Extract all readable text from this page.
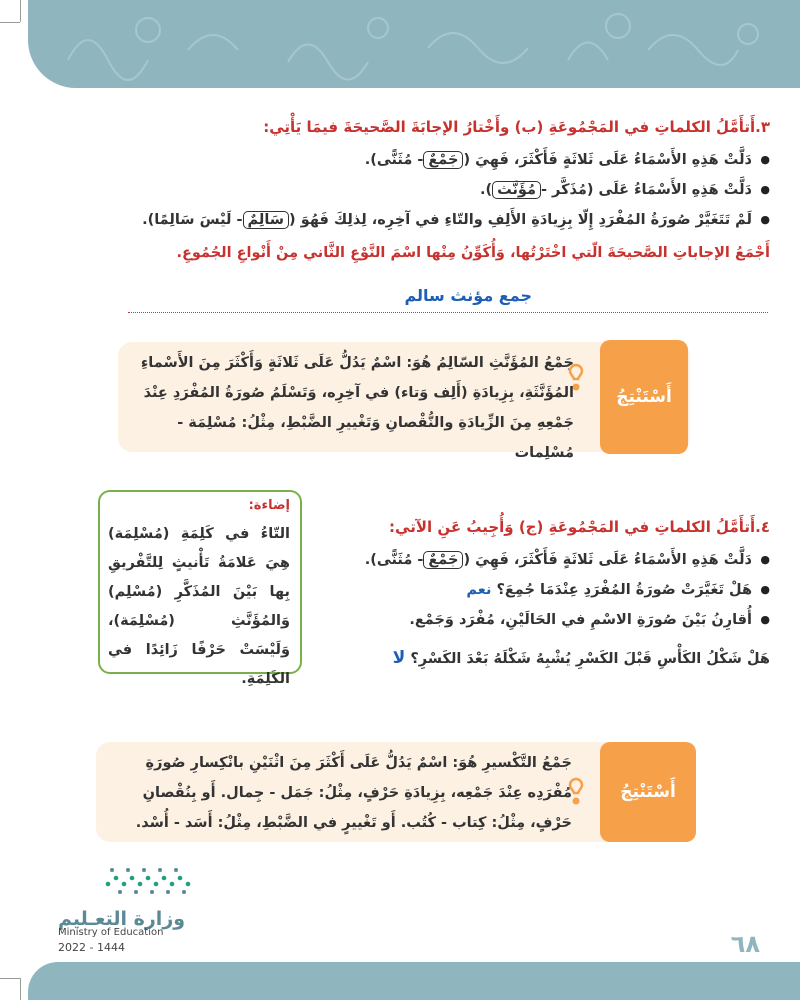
٣.أَتأَمَّلُ الكلماتِ في المَجْمُوعَةِ (ب) وأَخْتارُ الإجابَةَ الصَّحيحَةَ فيمَا يَأْتِي:
● دَلَّتْ هَذِهِ الأَسْمَاءُ عَلَى ثَلاثَةٍ فَأَكْثَرَ، فَهِيَ (جَمْعٌ- مُثَنًّى).
● دَلَّتْ هَذِهِ الأَسْمَاءُ عَلَى (مُذَكَّر -مُؤَنَّث).
● لَمْ تَتَغَيَّرْ صُورَةُ المُفْرَدِ إِلّا بِزِيادَةِ الأَلِفِ والتّاءِ في آخِرِه، لِذلِكَ فَهُوَ (سَالِمٌ- لَيْسَ سَالِمًا).
أَجْمَعُ الإجاباتِ الصَّحيحَةَ الّتي اخْتَرْتُها، وَأُكَوِّنُ مِنْها اسْمَ النَّوْعِ الثَّاني مِنْ أَنْواعِ الجُمُوعِ.
جمع مؤنث سالم
أَسْتَنْتِجُ
جَمْعُ المُؤَنَّثِ السّالِمُ هُوَ: اسْمٌ يَدُلُّ عَلَى ثَلاثَةٍ وَأَكْثَرَ مِنَ الأَسْماءِ المُؤَنَّثَةِ، بِزِيادَةِ (أَلِف وَتاء) في آخِرِه، وَتَسْلَمُ صُورَةُ المُفْرَدِ عِنْدَ جَمْعِهِ مِنَ الزِّيادَةِ والنُّقْصانِ وَتَغْييرِ الضَّبْطِ، مِثْلُ: مُسْلِمَة - مُسْلِمات
إضاءة:
التّاءُ في كَلِمَةِ (مُسْلِمَة) هِيَ عَلامَةُ تَأْنيثٍ لِلتَّفْريقِ بِها بَيْنَ المُذَكَّرِ (مُسْلِم) وَالمُؤَنَّثِ (مُسْلِمَة)، وَلَيْسَتْ حَرْفًا زَائِدًا في الكَلِمَةِ.
٤.أَتأَمَّلُ الكلماتِ في المَجْمُوعَةِ (ج) وَأُجِيبُ عَنِ الآتي:
● دَلَّتْ هَذِهِ الأَسْمَاءُ عَلَى ثَلاثَةٍ فَأَكْثَرَ، فَهِيَ (جَمْعٌ- مُثَنًّى).
● هَلْ تَغَيَّرَتْ صُورَةُ المُفْرَدِ عِنْدَمَا جُمِعَ؟ نعم
● أُقارِنُ بَيْنَ صُورَةِ الاسْمِ في الحَالَيْنِ، مُفْرَد وَجَمْع.
هَلْ شَكْلُ الكَأْسِ قَبْلَ الكَسْرِ يُشْبِهُ شَكْلَهُ بَعْدَ الكَسْرِ؟ لا
أَسْتَنْتِجُ
جَمْعُ التَّكْسيرِ هُوَ: اسْمٌ يَدُلُّ عَلَى أَكْثَرَ مِنَ اثْنَيْنِ بانْكِسارِ صُورَةِ مُفْرَدِه عِنْدَ جَمْعِه، بِزِيادَةِ حَرْفٍ، مِثْلُ: جَمَل - جِمال. أَو بِنُقْصانِ حَرْفٍ، مِثْلُ: كِتاب - كُتُب. أَو تَغْييرٍ في الضَّبْطِ، مِثْلُ: أَسَد - أُسْد.
وزارة التعـليم
Ministry of Education
2022 - 1444	٦٨
